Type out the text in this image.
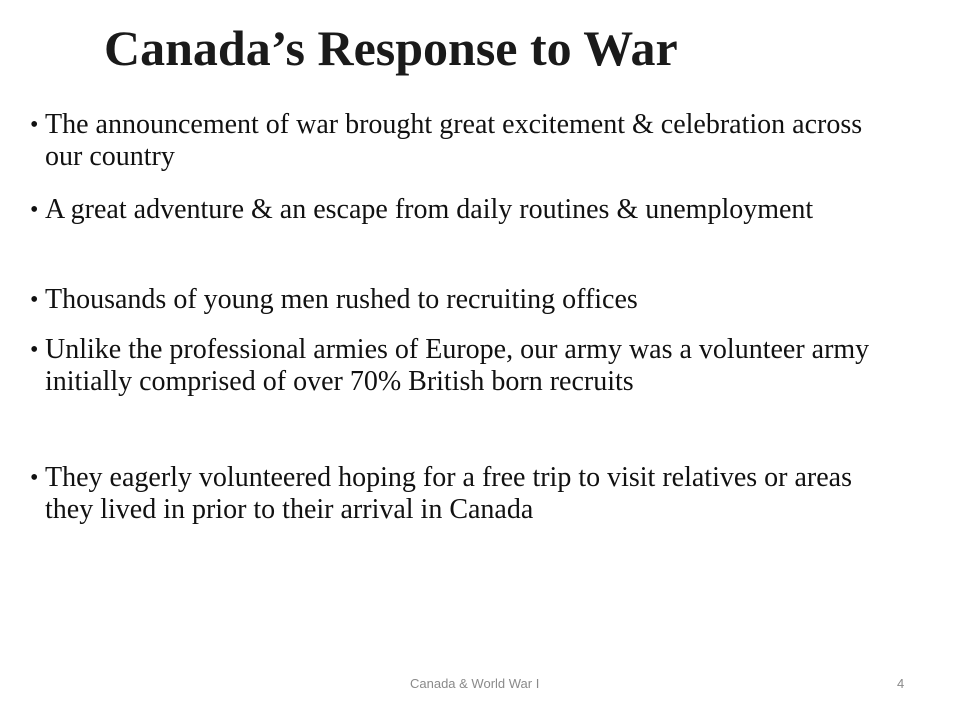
Canada’s Response to War
• The announcement of war brought great excitement & celebration across our country
• A great adventure & an escape from daily routines & unemployment
• Thousands of young men rushed to recruiting offices
• Unlike the professional armies of Europe, our army was a volunteer army initially comprised of over 70% British born recruits
• They eagerly volunteered hoping for a free trip to visit relatives or areas they lived in prior to their arrival in Canada
Canada & World War I	4
